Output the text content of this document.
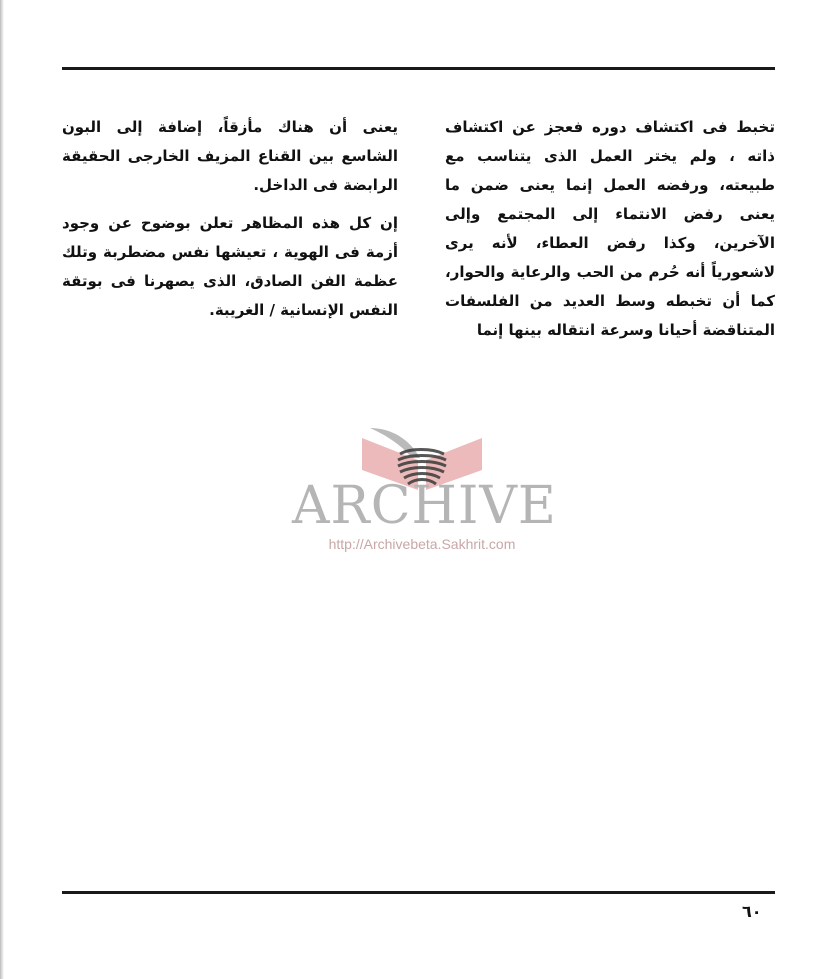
تخبط فى اكتشاف دوره فعجز عن اكتشاف ذاته ، ولم يختر العمل الذى يتناسب مع طبيعته، ورفضه العمل إنما يعنى ضمن ما يعنى رفض الانتماء إلى المجتمع وإلى الآخرين، وكذا رفض العطاء، لأنه يرى لاشعورياً أنه حُرم من الحب والرعاية والحوار، كما أن تخبطه وسط العديد من الفلسفات المتناقضة أحيانا وسرعة انتقاله بينها إنما

يعنى أن هناك مأزقاً، إضافة إلى البون الشاسع بين القناع المزيف الخارجى الحقيقة الرابضة فى الداخل.

إن كل هذه المظاهر تعلن بوضوح عن وجود أزمة فى الهوية ، تعيشها نفس مضطربة وتلك عظمة الفن الصادق، الذى يصهرنا فى بوتقة النفس الإنسانية / الغريبة.

ARCHIVE
http://Archivebeta.Sakhrit.com
٦٠
